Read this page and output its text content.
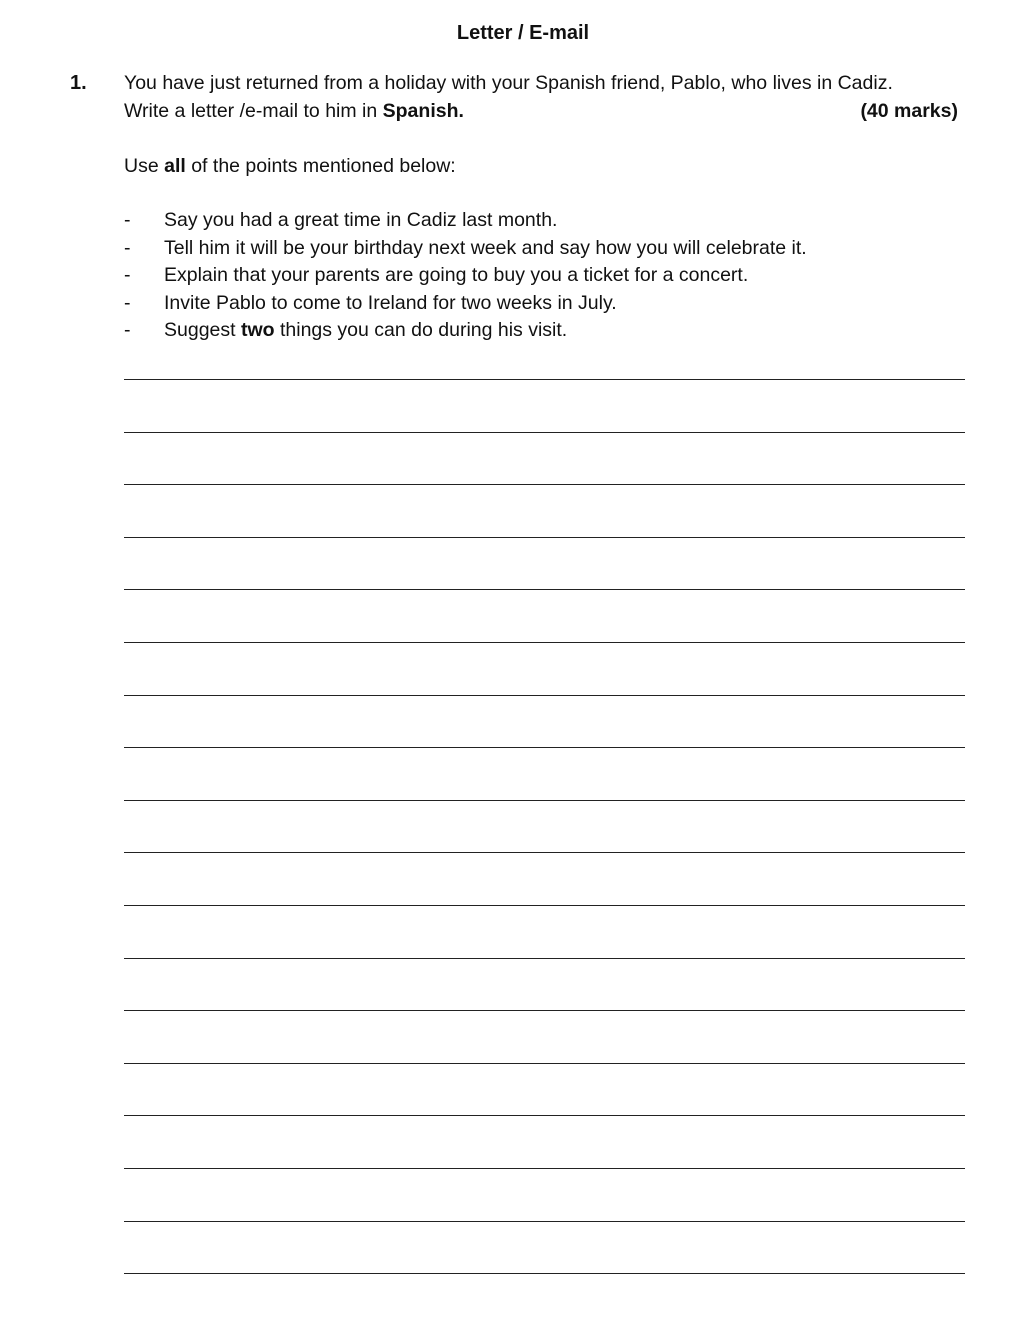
Letter / E-mail
1. You have just returned from a holiday with your Spanish friend, Pablo, who lives in Cadiz.
Write a letter /e-mail to him in Spanish.	(40 marks)
Use all of the points mentioned below:
- Say you had a great time in Cadiz last month.
- Tell him it will be your birthday next week and say how you will celebrate it.
- Explain that your parents are going to buy you a ticket for a concert.
- Invite Pablo to come to Ireland for two weeks in July.
- Suggest two things you can do during his visit.
